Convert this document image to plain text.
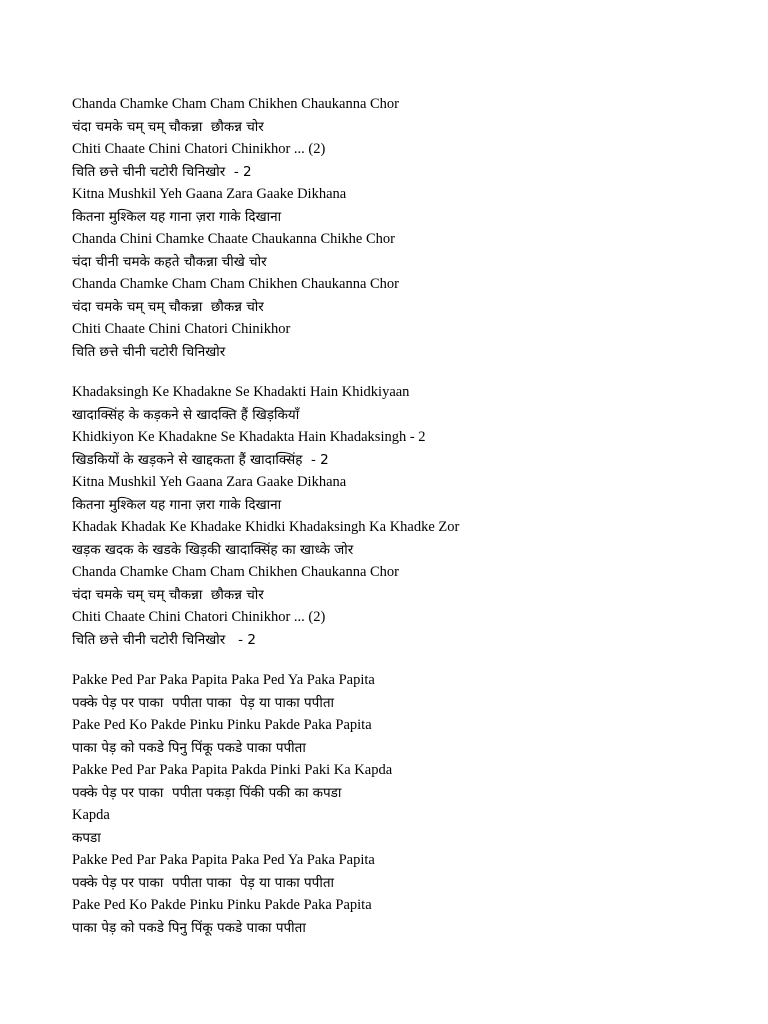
Chanda Chamke Cham Cham Chikhen Chaukanna Chor
चंदा चमके चम् चम् चौकन्ना  छौकन्न चोर
Chiti Chaate Chini Chatori Chinikhor ... (2)
चिति छत्ते चीनी चटोरी चिनिखोर  - 2
Kitna Mushkil Yeh Gaana Zara Gaake Dikhana
कितना मुश्किल यह गाना ज़रा गाके दिखाना
Chanda Chini Chamke Chaate Chaukanna Chikhe Chor
चंदा चीनी चमके कहते चौकन्ना चीखे चोर
Chanda Chamke Cham Cham Chikhen Chaukanna Chor
चंदा चमके चम् चम् चौकन्ना  छौकन्न चोर
Chiti Chaate Chini Chatori Chinikhor
चिति छत्ते चीनी चटोरी चिनिखोर
Khadaksingh Ke Khadakne Se Khadakti Hain Khidkiyaan
खादाक्सिंह के कड़कने से खादक्ति हैं खिड़कियाँ
Khidkiyon Ke Khadakne Se Khadakta Hain Khadaksingh - 2
खिडकियों के खड़कने से खाद्दकता हैं खादाक्सिंह  - 2
Kitna Mushkil Yeh Gaana Zara Gaake Dikhana
कितना मुश्किल यह गाना ज़रा गाके दिखाना
Khadak Khadak Ke Khadake Khidki Khadaksingh Ka Khadke Zor
खड़क खदक के खडके खिड़की खादाक्सिंह का खाध्के जोर
Chanda Chamke Cham Cham Chikhen Chaukanna Chor
चंदा चमके चम् चम् चौकन्ना  छौकन्न चोर
Chiti Chaate Chini Chatori Chinikhor ... (2)
चिति छत्ते चीनी चटोरी चिनिखोर   - 2
Pakke Ped Par Paka Papita Paka Ped Ya Paka Papita
पक्के पेड़ पर पाका  पपीता पाका  पेड़ या पाका पपीता
Pake Ped Ko Pakde Pinku Pinku Pakde Paka Papita
पाका पेड़ को पकडे पिनु पिंकू पकडे पाका पपीता
Pakke Ped Par Paka Papita Pakda Pinki Paki Ka Kapda
पक्के पेड़ पर पाका  पपीता पकड़ा पिंकी पकी का कपडा
Kapda
कपडा
Pakke Ped Par Paka Papita Paka Ped Ya Paka Papita
पक्के पेड़ पर पाका  पपीता पाका  पेड़ या पाका पपीता
Pake Ped Ko Pakde Pinku Pinku Pakde Paka Papita
पाका पेड़ को पकडे पिनु पिंकू पकडे पाका पपीता
